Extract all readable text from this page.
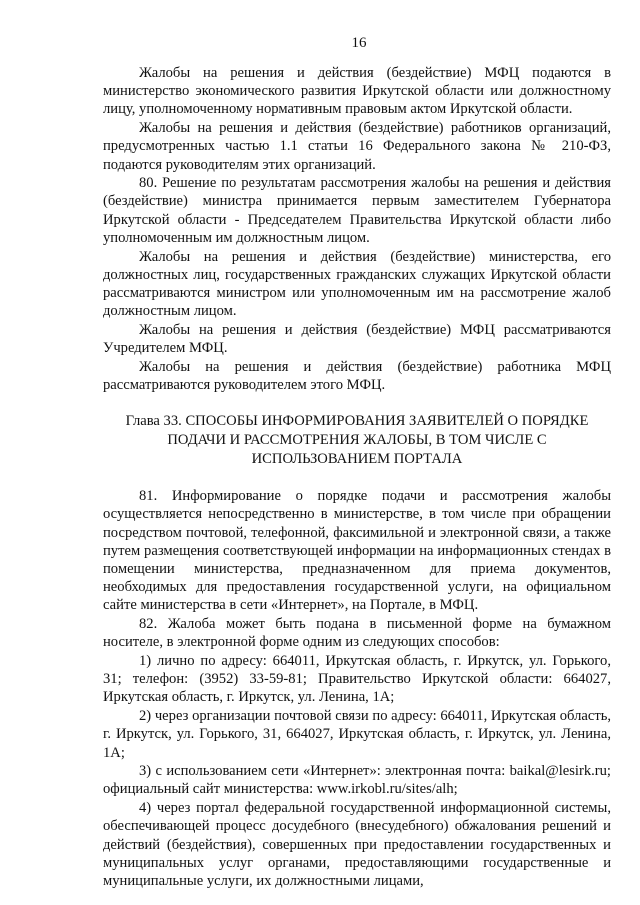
16

Жалобы на решения и действия (бездействие) МФЦ подаются в министерство экономического развития Иркутской области или должностному лицу, уполномоченному нормативным правовым актом Иркутской области.

Жалобы на решения и действия (бездействие) работников организаций, предусмотренных частью 1.1 статьи 16 Федерального закона № 210-ФЗ, подаются руководителям этих организаций.

80. Решение по результатам рассмотрения жалобы на решения и действия (бездействие) министра принимается первым заместителем Губернатора Иркутской области - Председателем Правительства Иркутской области либо уполномоченным им должностным лицом.

Жалобы на решения и действия (бездействие) министерства, его должностных лиц, государственных гражданских служащих Иркутской области рассматриваются министром или уполномоченным им на рассмотрение жалоб должностным лицом.

Жалобы на решения и действия (бездействие) МФЦ рассматриваются Учредителем МФЦ.

Жалобы на решения и действия (бездействие) работника МФЦ рассматриваются руководителем этого МФЦ.

Глава 33. СПОСОБЫ ИНФОРМИРОВАНИЯ ЗАЯВИТЕЛЕЙ О ПОРЯДКЕ
ПОДАЧИ И РАССМОТРЕНИЯ ЖАЛОБЫ, В ТОМ ЧИСЛЕ С
ИСПОЛЬЗОВАНИЕМ ПОРТАЛА

81. Информирование о порядке подачи и рассмотрения жалобы осуществляется непосредственно в министерстве, в том числе при обращении посредством почтовой, телефонной, факсимильной и электронной связи, а также путем размещения соответствующей информации на информационных стендах в помещении министерства, предназначенном для приема документов, необходимых для предоставления государственной услуги, на официальном сайте министерства в сети «Интернет», на Портале, в МФЦ.

82. Жалоба может быть подана в письменной форме на бумажном носителе, в электронной форме одним из следующих способов:

1) лично по адресу: 664011, Иркутская область, г. Иркутск, ул. Горького, 31; телефон: (3952) 33-59-81; Правительство Иркутской области: 664027, Иркутская область, г. Иркутск, ул. Ленина, 1А;

2) через организации почтовой связи по адресу: 664011, Иркутская область, г. Иркутск, ул. Горького, 31, 664027, Иркутская область, г. Иркутск, ул. Ленина, 1А;

3) с использованием сети «Интернет»: электронная почта: baikal@lesirk.ru; официальный сайт министерства: www.irkobl.ru/sites/alh;

4) через портал федеральной государственной информационной системы, обеспечивающей процесс досудебного (внесудебного) обжалования решений и действий (бездействия), совершенных при предоставлении государственных и муниципальных услуг органами, предоставляющими государственные и муниципальные услуги, их должностными лицами,
